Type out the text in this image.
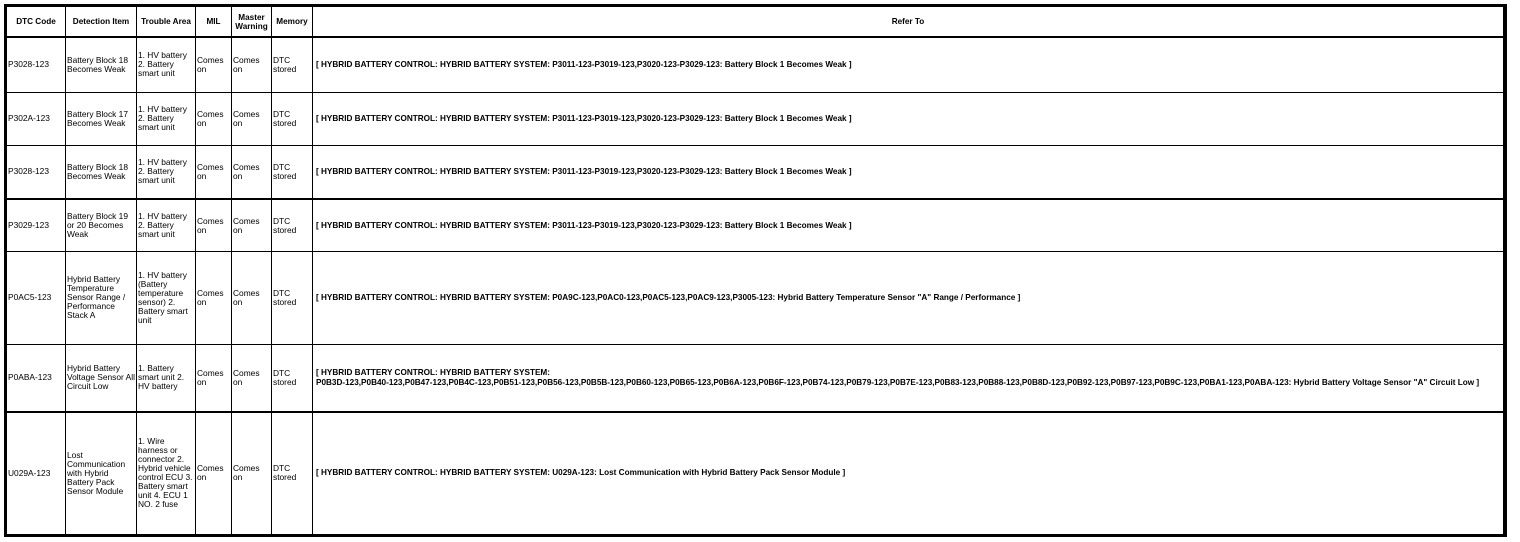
DTC Code	Detection Item	Trouble Area	MIL	Master Warning	Memory	Refer To
P3028-123	Battery Block 18 Becomes Weak	1. HV battery 2. Battery smart unit	Comes on	Comes on	DTC stored	[ HYBRID BATTERY CONTROL: HYBRID BATTERY SYSTEM: P3011-123-P3019-123,P3020-123-P3029-123: Battery Block 1 Becomes Weak ]

P302A-123	Battery Block 17 Becomes Weak	1. HV battery 2. Battery smart unit	Comes on	Comes on	DTC stored	[ HYBRID BATTERY CONTROL: HYBRID BATTERY SYSTEM: P3011-123-P3019-123,P3020-123-P3029-123: Battery Block 1 Becomes Weak ]

P3028-123	Battery Block 18 Becomes Weak	1. HV battery 2. Battery smart unit	Comes on	Comes on	DTC stored	[ HYBRID BATTERY CONTROL: HYBRID BATTERY SYSTEM: P3011-123-P3019-123,P3020-123-P3029-123: Battery Block 1 Becomes Weak ]

P3029-123	Battery Block 19 or 20 Becomes Weak	1. HV battery 2. Battery smart unit	Comes on	Comes on	DTC stored	[ HYBRID BATTERY CONTROL: HYBRID BATTERY SYSTEM: P3011-123-P3019-123,P3020-123-P3029-123: Battery Block 1 Becomes Weak ]

P0AC5-123	Hybrid Battery Temperature Sensor Range / Performance Stack A	1. HV battery (Battery temperature sensor) 2. Battery smart unit	Comes on	Comes on	DTC stored	[ HYBRID BATTERY CONTROL: HYBRID BATTERY SYSTEM: P0A9C-123,P0AC0-123,P0AC5-123,P0AC9-123,P3005-123: Hybrid Battery Temperature Sensor "A" Range / Performance ]

P0ABA-123	Hybrid Battery Voltage Sensor All Circuit Low	1. Battery smart unit 2. HV battery	Comes on	Comes on	DTC stored	[ HYBRID BATTERY CONTROL: HYBRID BATTERY SYSTEM:
P0B3D-123,P0B40-123,P0B47-123,P0B4C-123,P0B51-123,P0B56-123,P0B5B-123,P0B60-123,P0B65-123,P0B6A-123,P0B6F-123,P0B74-123,P0B79-123,P0B7E-123,P0B83-123,P0B88-123,P0B8D-123,P0B92-123,P0B97-123,P0B9C-123,P0BA1-123,P0ABA-123: Hybrid Battery Voltage Sensor "A" Circuit Low ]

U029A-123	Lost Communication with Hybrid Battery Pack Sensor Module	1. Wire harness or connector 2. Hybrid vehicle control ECU 3. Battery smart unit 4. ECU 1 NO. 2 fuse	Comes on	Comes on	DTC stored	[ HYBRID BATTERY CONTROL: HYBRID BATTERY SYSTEM: U029A-123: Lost Communication with Hybrid Battery Pack Sensor Module ]
